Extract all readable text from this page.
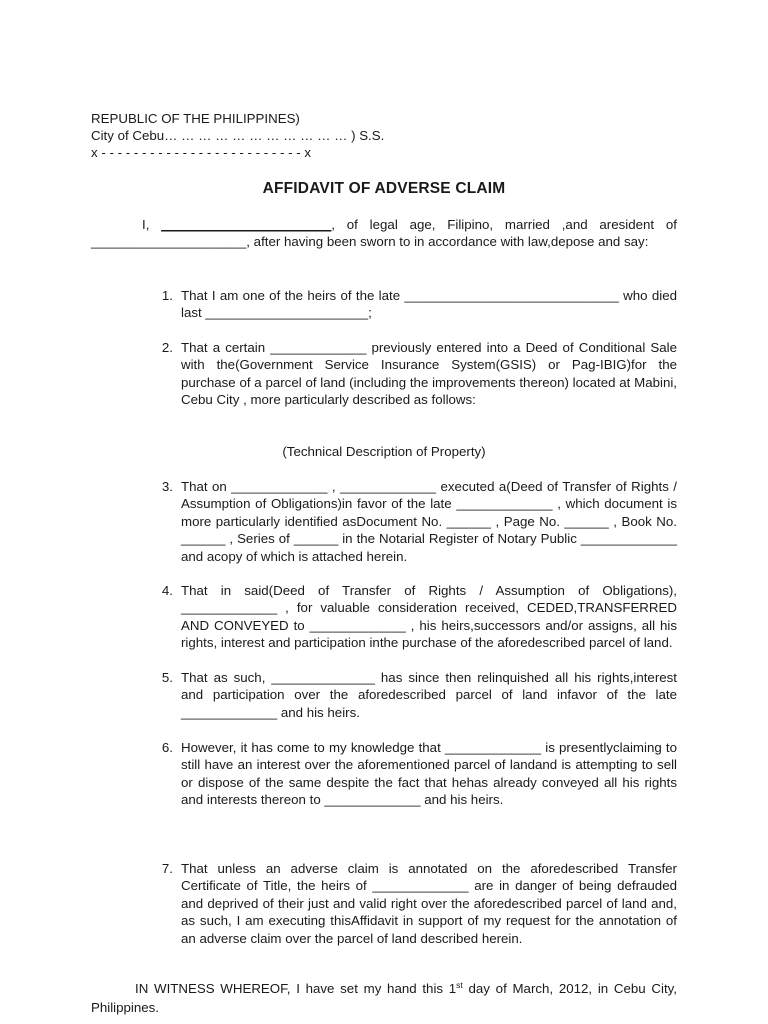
REPUBLIC OF THE PHILIPPINES)
City of Cebu… … … … … … … … … … … ) S.S.
x - - - - - - - - - - - - - - - - - - - - - - - - - x
AFFIDAVIT OF ADVERSE CLAIM
I, _______________________, of legal age, Filipino, married ,and aresident of _____________________, after having been sworn to in accordance with law,depose and say:
1. That I am one of the heirs of the late _____________________________ who died last ______________________;
2. That a certain _____________ previously entered into a Deed of Conditional Sale with the(Government Service Insurance System(GSIS) or Pag-IBIG)for the purchase of a parcel of land (including the improvements thereon) located at Mabini, Cebu City , more particularly described as follows:
(Technical Description of Property)
3. That on _____________ , _____________ executed a(Deed of Transfer of Rights / Assumption of Obligations)in favor of the late _____________ , which document is more particularly identified asDocument No. ______ , Page No. ______ , Book No. ______ , Series of ______ in the Notarial Register of Notary Public _____________ and acopy of which is attached herein.
4. That in said(Deed of Transfer of Rights / Assumption of Obligations), _____________ , for valuable consideration received, CEDED,TRANSFERRED AND CONVEYED to _____________ , his heirs,successors and/or assigns, all his rights, interest and participation inthe purchase of the aforedescribed parcel of land.
5. That as such, ______________ has since then relinquished all his rights,interest and participation over the aforedescribed parcel of land infavor of the late _____________ and his heirs.
6. However, it has come to my knowledge that _____________ is presentlyclaiming to still have an interest over the aforementioned parcel of landand is attempting to sell or dispose of the same despite the fact that hehas already conveyed all his rights and interests thereon to _____________ and his heirs.
7. That unless an adverse claim is annotated on the aforedescribed Transfer Certificate of Title, the heirs of _____________ are in danger of being defrauded and deprived of their just and valid right over the aforedescribed parcel of land and, as such, I am executing thisAffidavit in support of my request for the annotation of an adverse claim over the parcel of land described herein.
IN WITNESS WHEREOF, I have set my hand this 1st day of March, 2012, in Cebu City, Philippines.
